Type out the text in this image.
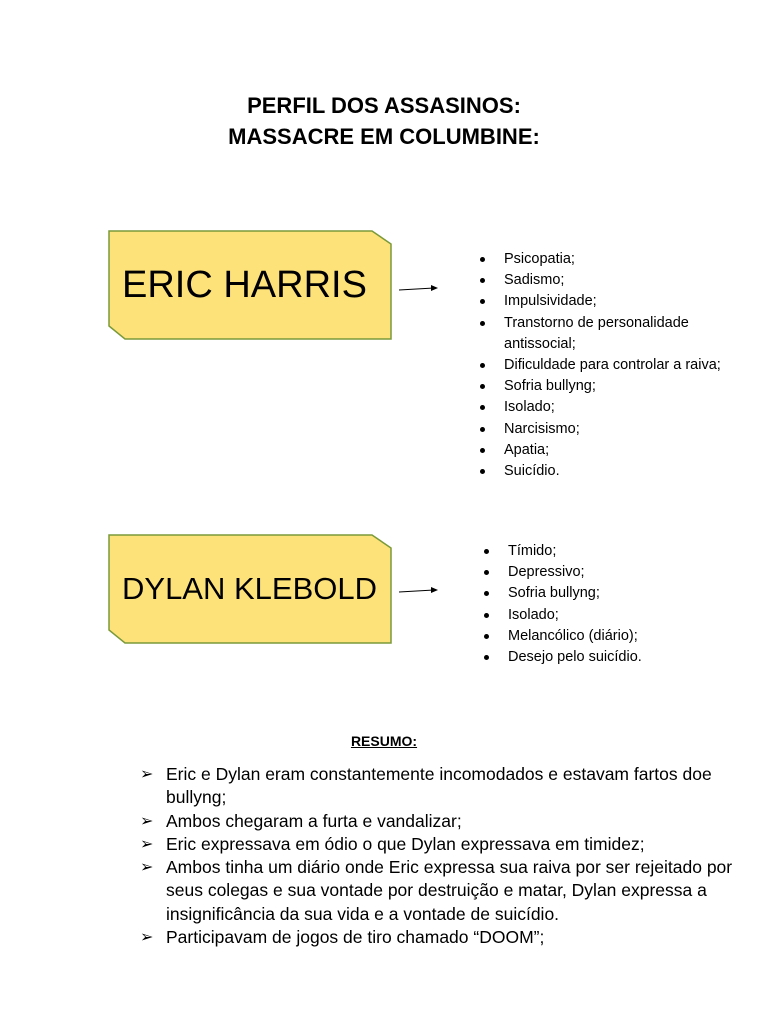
PERFIL DOS ASSASINOS:
MASSACRE EM COLUMBINE:
ERIC HARRIS
Psicopatia;
Sadismo;
Impulsividade;
Transtorno de personalidade antissocial;
Dificuldade para controlar a raiva;
Sofria bullyng;
Isolado;
Narcisismo;
Apatia;
Suicídio.
DYLAN KLEBOLD
Tímido;
Depressivo;
Sofria bullyng;
Isolado;
Melancólico (diário);
Desejo pelo suicídio.
RESUMO:
➢ Eric e Dylan eram constantemente incomodados e estavam fartos doe bullyng;
➢ Ambos chegaram a furta e vandalizar;
➢ Eric expressava em ódio o que Dylan expressava em timidez;
➢ Ambos tinha um diário onde Eric expressa sua raiva por ser rejeitado por seus colegas e sua vontade por destruição e matar, Dylan expressa a insignificância da sua vida e a vontade de suicídio.
➢ Participavam de jogos de tiro chamado “DOOM”;
